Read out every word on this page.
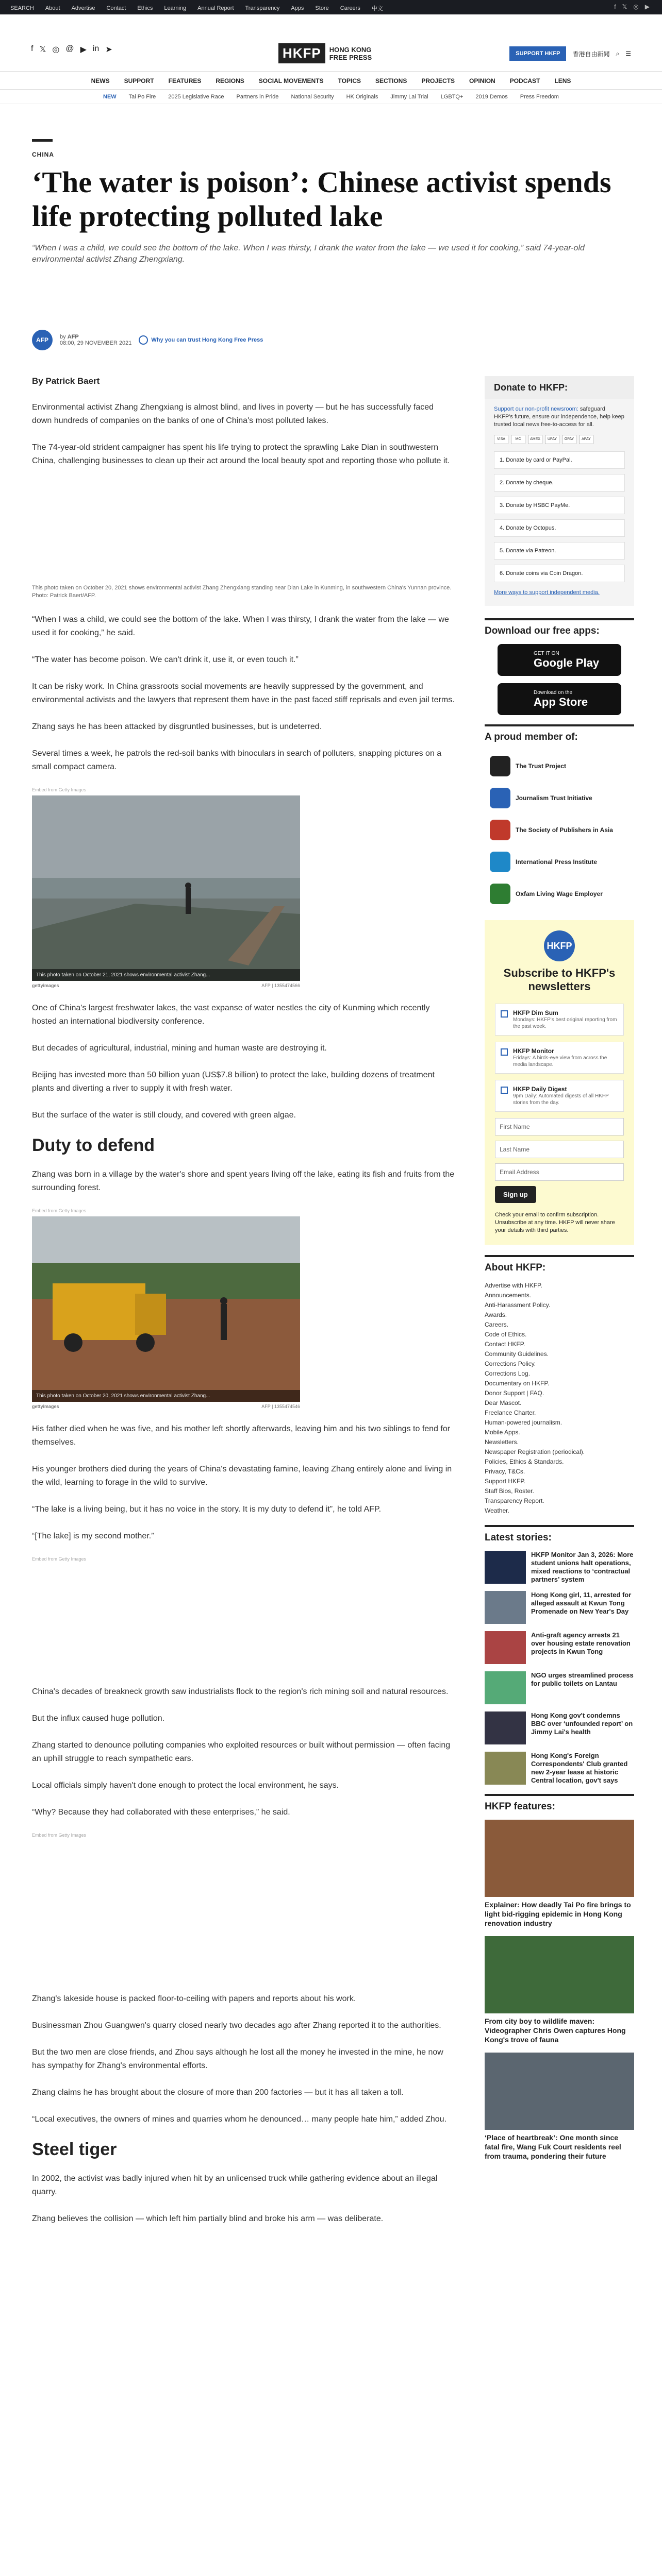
SEARCH About Advertise Contact Ethics Learning Annual Report Transparency Apps Store Careers 中文	f 𝕏 ◎ ▶
f 𝕏 ◎ @ ▶ in ➤	HKFP	HONG KONG
FREE PRESS	SUPPORT HKFP	香港自由新聞 ⌕ ☰
NEWS SUPPORT FEATURES REGIONS SOCIAL MOVEMENTS TOPICS SECTIONS PROJECTS OPINION PODCAST LENS
NEW Tai Po Fire 2025 Legislative Race Partners in Pride National Security HK Originals Jimmy Lai Trial LGBTQ+ 2019 Demos Press Freedom
CHINA
‘The water is poison’: Chinese activist spends life protecting polluted lake
“When I was a child, we could see the bottom of the lake. When I was thirsty, I drank the water from the lake — we used it for cooking,” said 74-year-old environmental activist Zhang Zhengxiang.
AFP	by AFP
08:00, 29 NOVEMBER 2021	Why you can trust Hong Kong Free Press
By Patrick Baert

Environmental activist Zhang Zhengxiang is almost blind, and lives in poverty — but he has successfully faced down hundreds of companies on the banks of one of China's most polluted lakes.

The 74-year-old strident campaigner has spent his life trying to protect the sprawling Lake Dian in southwestern China, challenging businesses to clean up their act around the local beauty spot and reporting those who pollute it.

This photo taken on October 20, 2021 shows environmental activist Zhang Zhengxiang standing near Dian Lake in Kunming, in southwestern China's Yunnan province. Photo: Patrick Baert/AFP.

“When I was a child, we could see the bottom of the lake. When I was thirsty, I drank the water from the lake — we used it for cooking,” he said.

“The water has become poison. We can't drink it, use it, or even touch it.”

It can be risky work. In China grassroots social movements are heavily suppressed by the government, and environmental activists and the lawyers that represent them have in the past faced stiff reprisals and even jail terms.

Zhang says he has been attacked by disgruntled businesses, but is undeterred.

Several times a week, he patrols the red-soil banks with binoculars in search of polluters, snapping pictures on a small compact camera.

Embed from Getty Images
This photo taken on October 21, 2021 shows environmental activist Zhang...
gettyimages	AFP | 1355474566

One of China's largest freshwater lakes, the vast expanse of water nestles the city of Kunming which recently hosted an international biodiversity conference.

But decades of agricultural, industrial, mining and human waste are destroying it.

Beijing has invested more than 50 billion yuan (US$7.8 billion) to protect the lake, building dozens of treatment plants and diverting a river to supply it with fresh water.

But the surface of the water is still cloudy, and covered with green algae.

Duty to defend

Zhang was born in a village by the water's shore and spent years living off the lake, eating its fish and fruits from the surrounding forest.

Embed from Getty Images
This photo taken on October 20, 2021 shows environmental activist Zhang...
gettyimages	AFP | 1355474546

His father died when he was five, and his mother left shortly afterwards, leaving him and his two siblings to fend for themselves.

His younger brothers died during the years of China's devastating famine, leaving Zhang entirely alone and living in the wild, learning to forage in the wild to survive.

“The lake is a living being, but it has no voice in the story. It is my duty to defend it”, he told AFP.

“[The lake] is my second mother.”

Embed from Getty Images

China's decades of breakneck growth saw industrialists flock to the region's rich mining soil and natural resources.

But the influx caused huge pollution.

Zhang started to denounce polluting companies who exploited resources or built without permission — often facing an uphill struggle to reach sympathetic ears.

Local officials simply haven't done enough to protect the local environment, he says.

“Why? Because they had collaborated with these enterprises,” he said.

Embed from Getty Images

Zhang's lakeside house is packed floor-to-ceiling with papers and reports about his work.

Businessman Zhou Guangwen's quarry closed nearly two decades ago after Zhang reported it to the authorities.

But the two men are close friends, and Zhou says although he lost all the money he invested in the mine, he now has sympathy for Zhang's environmental efforts.

Zhang claims he has brought about the closure of more than 200 factories — but it has all taken a toll.

“Local executives, the owners of mines and quarries whom he denounced… many people hate him,” added Zhou.

Steel tiger

In 2002, the activist was badly injured when hit by an unlicensed truck while gathering evidence about an illegal quarry.

Zhang believes the collision — which left him partially blind and broke his arm — was deliberate.

Donate to HKFP:
Support our non-profit newsroom: safeguard HKFP's future, ensure our independence, help keep trusted local news free-to-access for all.
VISA	MC	AMEX	UPAY	GPAY	APAY
1. Donate by card or PayPal.
2. Donate by cheque.
3. Donate by HSBC PayMe.
4. Donate by Octopus.
5. Donate via Patreon.
6. Donate coins via Coin Dragon.
More ways to support independent media.
Download our free apps:
GET IT ON
Google Play
Download on the
App Store
A proud member of:
The Trust Project
Journalism Trust Initiative
The Society of Publishers in Asia
International Press Institute
Oxfam Living Wage Employer
HKFP
Subscribe to HKFP's newsletters
HKFP Dim Sum
Mondays: HKFP's best original reporting from the past week.
HKFP Monitor
Fridays: A birds-eye view from across the media landscape.
HKFP Daily Digest
9pm Daily: Automated digests of all HKFP stories from the day.
First Name
Last Name
Email Address
Sign up
Check your email to confirm subscription. Unsubscribe at any time. HKFP will never share your details with third parties.
About HKFP:
Advertise with HKFP.
Announcements.
Anti-Harassment Policy.
Awards.
Careers.
Code of Ethics.
Contact HKFP.
Community Guidelines.
Corrections Policy.
Corrections Log.
Documentary on HKFP.
Donor Support | FAQ.
Dear Mascot.
Freelance Charter.
Human-powered journalism.
Mobile Apps.
Newsletters.
Newspaper Registration (periodical).
Policies, Ethics & Standards.
Privacy, T&Cs.
Support HKFP.
Staff Bios, Roster.
Transparency Report.
Weather.
Latest stories:
HKFP Monitor Jan 3, 2026: More student unions halt operations, mixed reactions to ‘contractual partners’ system
Hong Kong girl, 11, arrested for alleged assault at Kwun Tong Promenade on New Year's Day
Anti-graft agency arrests 21 over housing estate renovation projects in Kwun Tong
NGO urges streamlined process for public toilets on Lantau
Hong Kong gov't condemns BBC over ‘unfounded report’ on Jimmy Lai's health
Hong Kong's Foreign Correspondents' Club granted new 2-year lease at historic Central location, gov't says
HKFP features:
Explainer: How deadly Tai Po fire brings to light bid-rigging epidemic in Hong Kong renovation industry
From city boy to wildlife maven: Videographer Chris Owen captures Hong Kong's trove of fauna
‘Place of heartbreak’: One month since fatal fire, Wang Fuk Court residents reel from trauma, pondering their future
